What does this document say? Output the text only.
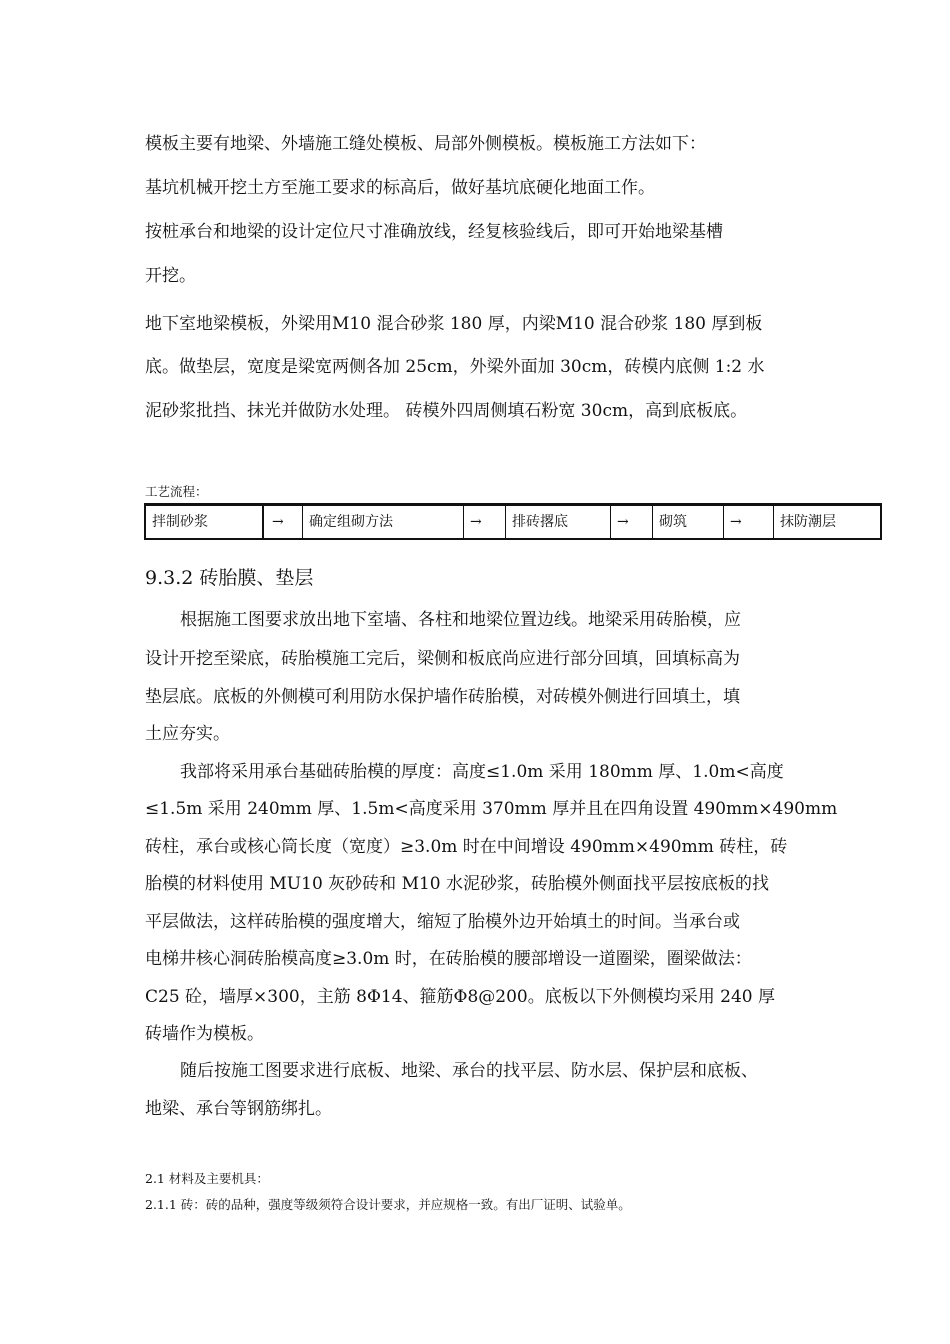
模板主要有地梁、外墙施工缝处模板、局部外侧模板。模板施工方法如下：
基坑机械开挖土方至施工要求的标高后，做好基坑底硬化地面工作。
按桩承台和地梁的设计定位尺寸准确放线，经复核验线后，即可开始地梁基槽
开挖。
地下室地梁模板，外梁用M10 混合砂浆 180 厚，内梁M10 混合砂浆 180 厚到板
底。做垫层，宽度是梁宽两侧各加 25cm，外梁外面加 30cm，砖模内底侧 1:2 水
泥砂浆批挡、抹光并做防水处理。 砖模外四周侧填石粉宽 30cm，高到底板底。
工艺流程：
拌制砂浆	→	确定组砌方法	→	排砖撂底	→	砌筑	→	抹防潮层
9.3.2 砖胎膜、垫层
根据施工图要求放出地下室墙、各柱和地梁位置边线。地梁采用砖胎模，应
设计开挖至梁底，砖胎模施工完后，梁侧和板底尚应进行部分回填，回填标高为
垫层底。底板的外侧模可利用防水保护墙作砖胎模，对砖模外侧进行回填土，填
土应夯实。
我部将采用承台基础砖胎模的厚度：高度≤1.0m 采用 180mm 厚、1.0m<高度
≤1.5m 采用 240mm 厚、1.5m<高度采用 370mm 厚并且在四角设置 490mm×490mm
砖柱，承台或核心筒长度（宽度）≥3.0m 时在中间增设 490mm×490mm 砖柱，砖
胎模的材料使用 MU10 灰砂砖和 M10 水泥砂浆，砖胎模外侧面找平层按底板的找
平层做法，这样砖胎模的强度增大，缩短了胎模外边开始填土的时间。当承台或
电梯井核心洞砖胎模高度≥3.0m 时，在砖胎模的腰部增设一道圈梁，圈梁做法：
C25 砼，墙厚×300，主筋 8Φ14、箍筋Φ8@200。底板以下外侧模均采用 240 厚
砖墙作为模板。
随后按施工图要求进行底板、地梁、承台的找平层、防水层、保护层和底板、
地梁、承台等钢筋绑扎。
2.1 材料及主要机具：
2.1.1 砖：砖的品种，强度等级须符合设计要求，并应规格一致。有出厂证明、试验单。
